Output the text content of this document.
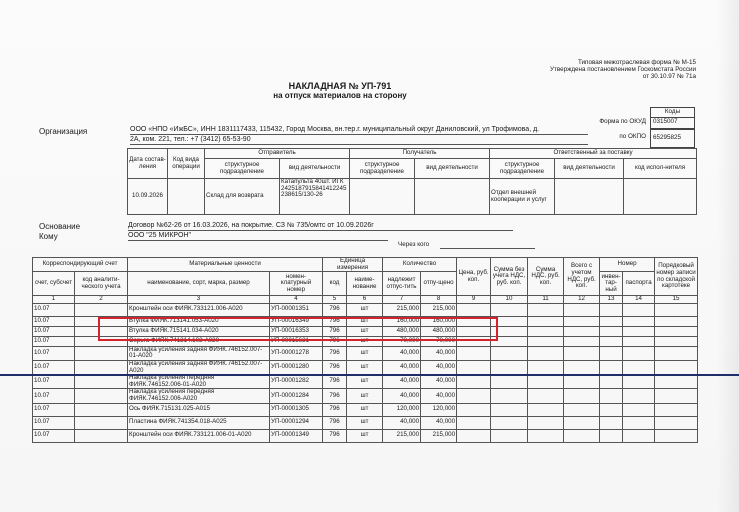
Типовая межотраслевая форма № М-15
Утверждена постановлением Госкомстата России
от 30.10.97 № 71а
НАКЛАДНАЯ № УП-791
на отпуск материалов на сторону
Коды
Форма по ОКУД	0315007
по ОКПО	65295825
Организация	ООО «НПО «ИжБС», ИНН 1831117433, 115432, Город Москва, вн.тер.г. муниципальный округ Даниловский, ул Трофимова, д.
2А, ком. 221, тел.: +7 (3412) 65-53-90
Дата состав-ления	Код вида операции	Отправитель		Получатель		Ответственный за поставку		
		структурное подразделение	вид деятельности	структурное подразделение	вид деятельности	структурное подразделение	вид деятельности	код испол-нителя
10.09.2026		Склад для возврата	Катапульта 40шт. ИГК 2425187915841412245238615/130-26			Отдел внешней кооперации и услуг		
Основание	Договор №62-26 от 16.03.2026, на покрытие. СЗ № 735/омтс от 10.09.2026г
Кому	ООО "25 МИКРОН"
Через кого
Корреспондирующий счет		Материальные ценности		Единица измерения		Количество		Цена, руб. коп.	Сумма без учета НДС, руб. коп.	Сумма НДС, руб. коп.	Всего с учетом НДС, руб. коп.	Номер		Порядковый номер записи по складской картотеке
счет, субсчет	код аналити-ческого учета	наименование, сорт, марка, размер	номен-клатурный номер	код	наиме-нование	надлежит отпус-тить	отпу-щено					инвен-тар-ный	паспорта	
1	2	3	4	5	6	7	8	9	10	11	12	13	14	15
10.07		Кронштейн оси ФИЯК.733121.006-А020	УП-00001351	796	шт	215,000	215,000							
10.07		Втулка ФИЯК.713141.053-А020	УП-00016349	796	шт	160,000	160,000							
10.07		Втулка ФИЯК.715141.034-А020	УП-00016353	796	шт	480,000	480,000							
10.07		Серьга ФИЯК.741314.102-А020	УП-00015631	796	шт	70,000	70,000							
10.07		Накладка усиления задняя ФИЯК.746152.007-01-А020	УП-00001278	796	шт	40,000	40,000							
10.07		Накладка усиления задняя ФИЯК.746152.007-А020	УП-00001280	796	шт	40,000	40,000							
10.07		Накладка усиления передняя ФИЯК.746152.006-01-А020	УП-00001282	796	шт	40,000	40,000							
10.07		Накладка усиления передняя ФИЯК.746152.006-А020	УП-00001284	796	шт	40,000	40,000							
10.07		Ось ФИЯК.715131.025-А015	УП-00001305	796	шт	120,000	120,000							
10.07		Пластина ФИЯК.741354.018-А025	УП-00001294	796	шт	40,000	40,000							
10.07		Кронштейн оси ФИЯК.733121.006-01-А020	УП-00001349	796	шт	215,000	215,000							
